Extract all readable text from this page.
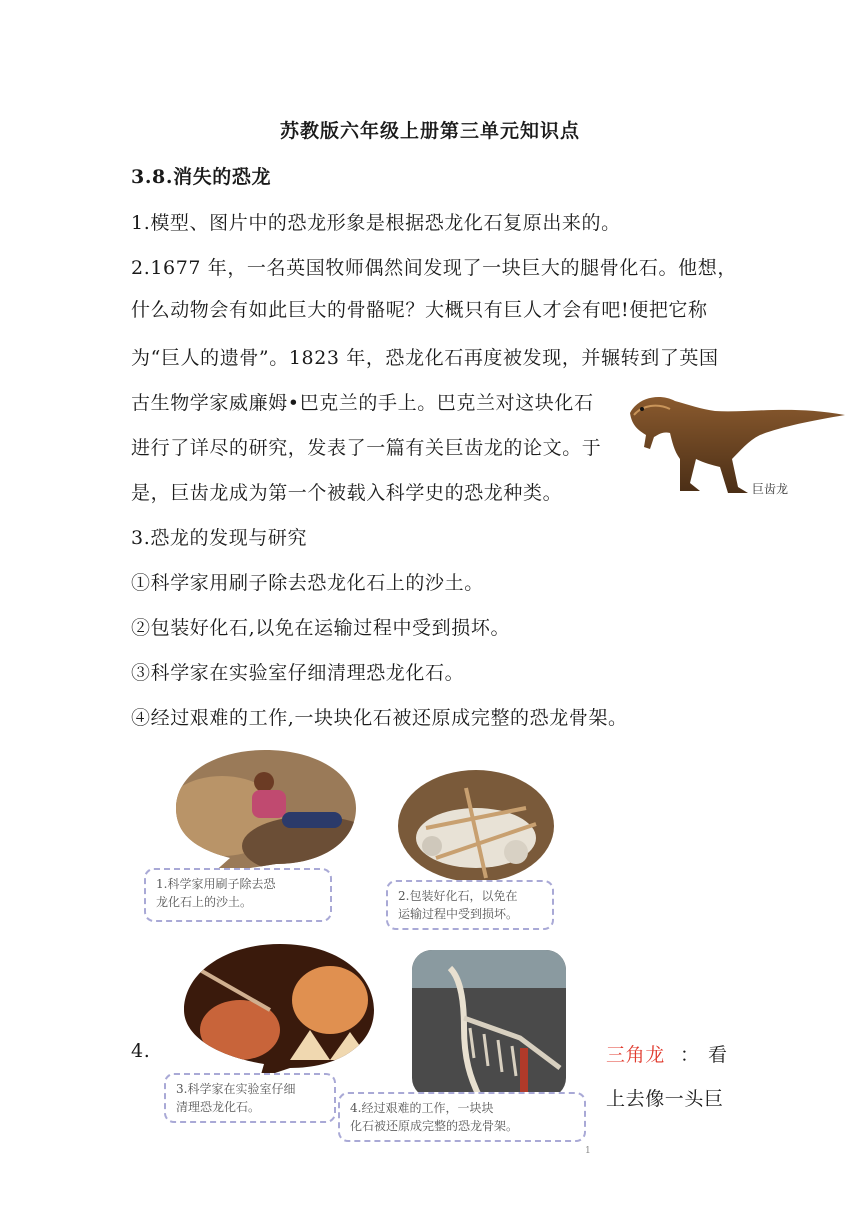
苏教版六年级上册第三单元知识点
3.8.消失的恐龙
1.模型、图片中的恐龙形象是根据恐龙化石复原出来的。
2.1677 年，一名英国牧师偶然间发现了一块巨大的腿骨化石。他想，
什么动物会有如此巨大的骨骼呢？大概只有巨人才会有吧!便把它称
为“巨人的遗骨”。1823 年，恐龙化石再度被发现，并辗转到了英国
古生物学家威廉姆•巴克兰的手上。巴克兰对这块化石
进行了详尽的研究，发表了一篇有关巨齿龙的论文。于
是，巨齿龙成为第一个被载入科学史的恐龙种类。	巨齿龙
3.恐龙的发现与研究
①科学家用刷子除去恐龙化石上的沙土。
②包装好化石,以免在运输过程中受到损坏。
③科学家在实验室仔细清理恐龙化石。
④经过艰难的工作,一块块化石被还原成完整的恐龙骨架。
1.科学家用刷子除去恐
龙化石上的沙土。	2.包装好化石，以免在
运输过程中受到损坏。
4.
3.科学家在实验室仔细
清理恐龙化石。	4.经过艰难的工作，一块块
化石被还原成完整的恐龙骨架。
三角龙 ： 看
上去像一头巨
1
